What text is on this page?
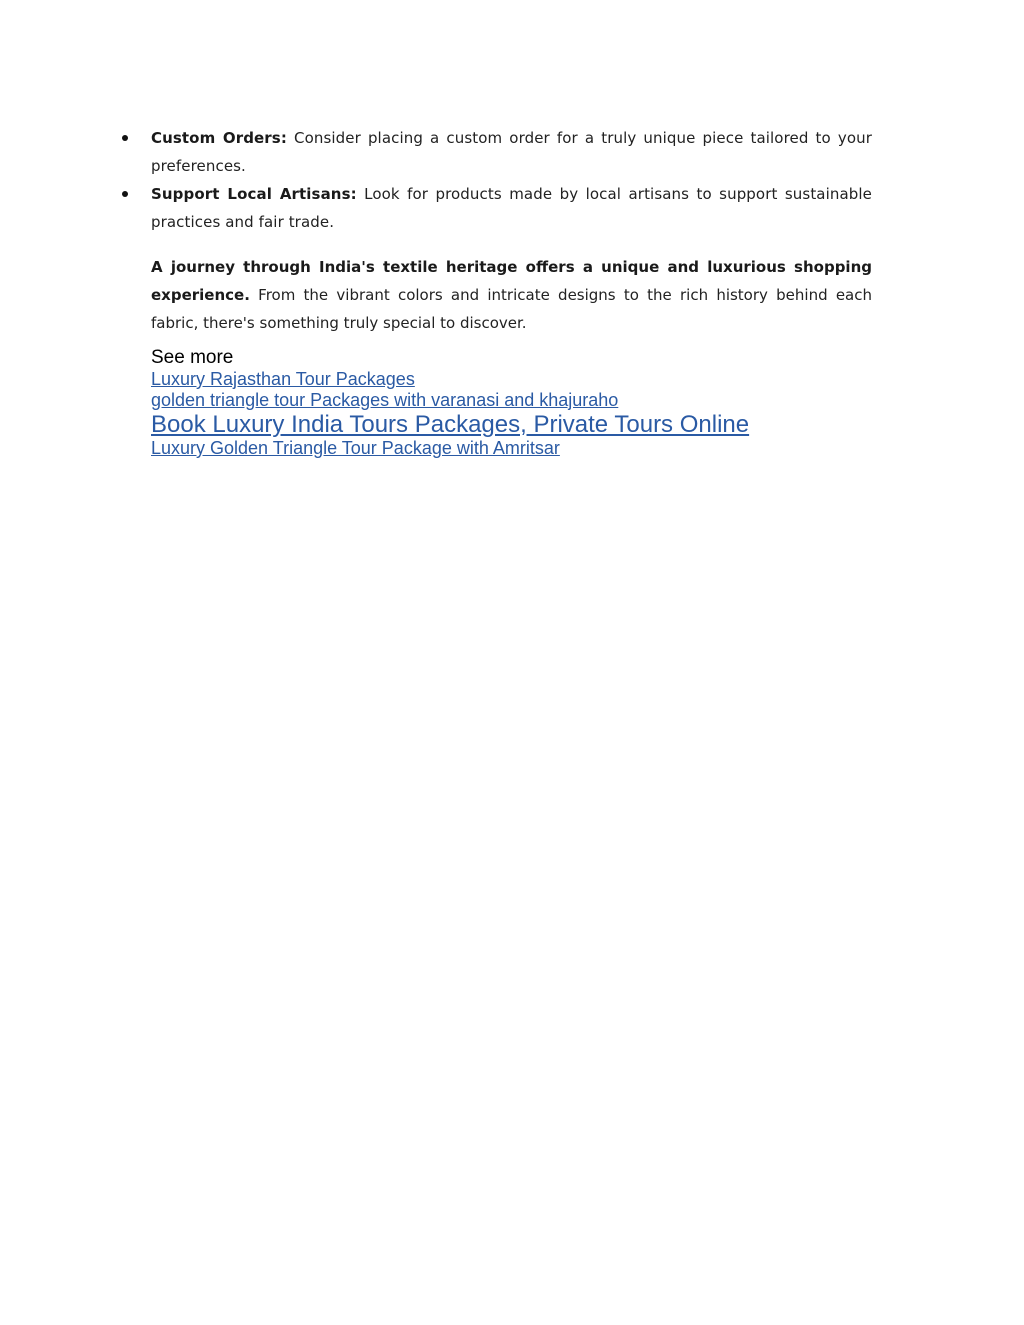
Custom Orders: Consider placing a custom order for a truly unique piece tailored to your preferences.
Support Local Artisans: Look for products made by local artisans to support sustainable practices and fair trade.

A journey through India's textile heritage offers a unique and luxurious shopping experience. From the vibrant colors and intricate designs to the rich history behind each fabric, there's something truly special to discover.

See more
Luxury Rajasthan Tour Packages
golden triangle tour Packages with varanasi and khajuraho
Book Luxury India Tours Packages, Private Tours Online
Luxury Golden Triangle Tour Package with Amritsar
